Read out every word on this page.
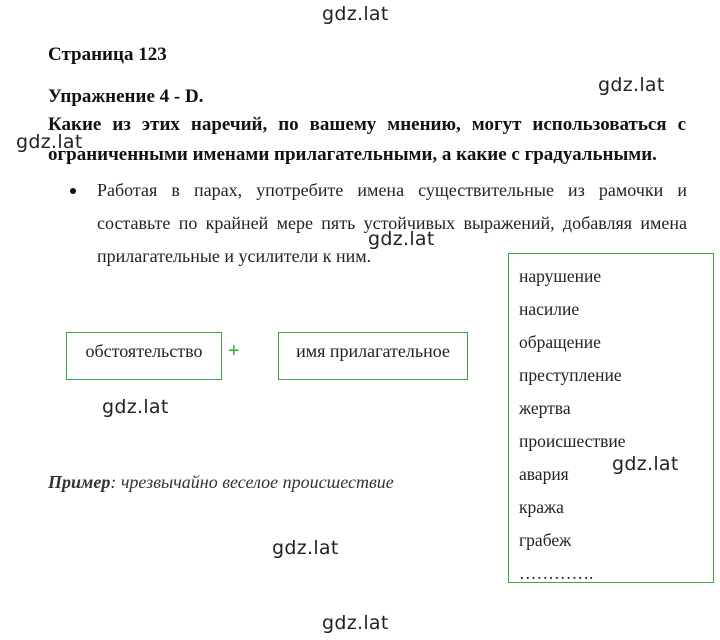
gdz.lat
gdz.lat
gdz.lat
gdz.lat
gdz.lat
gdz.lat
gdz.lat
gdz.lat
Страница 123
Упражнение 4 - D.
Какие из этих наречий, по вашему мнению, могут использоваться с ограниченными именами прилагательными, а какие с градуальными.
Работая в парах, употребите имена существительные из рамочки и составьте по крайней мере пять устойчивых выражений, добавляя имена прилагательные и усилители к ним.
обстоятельство +	имя прилагательное
нарушение
насилие
обращение
преступление
жертва
происшествие
авария
кража
грабеж
………….
Пример: чрезвычайно веселое происшествие
